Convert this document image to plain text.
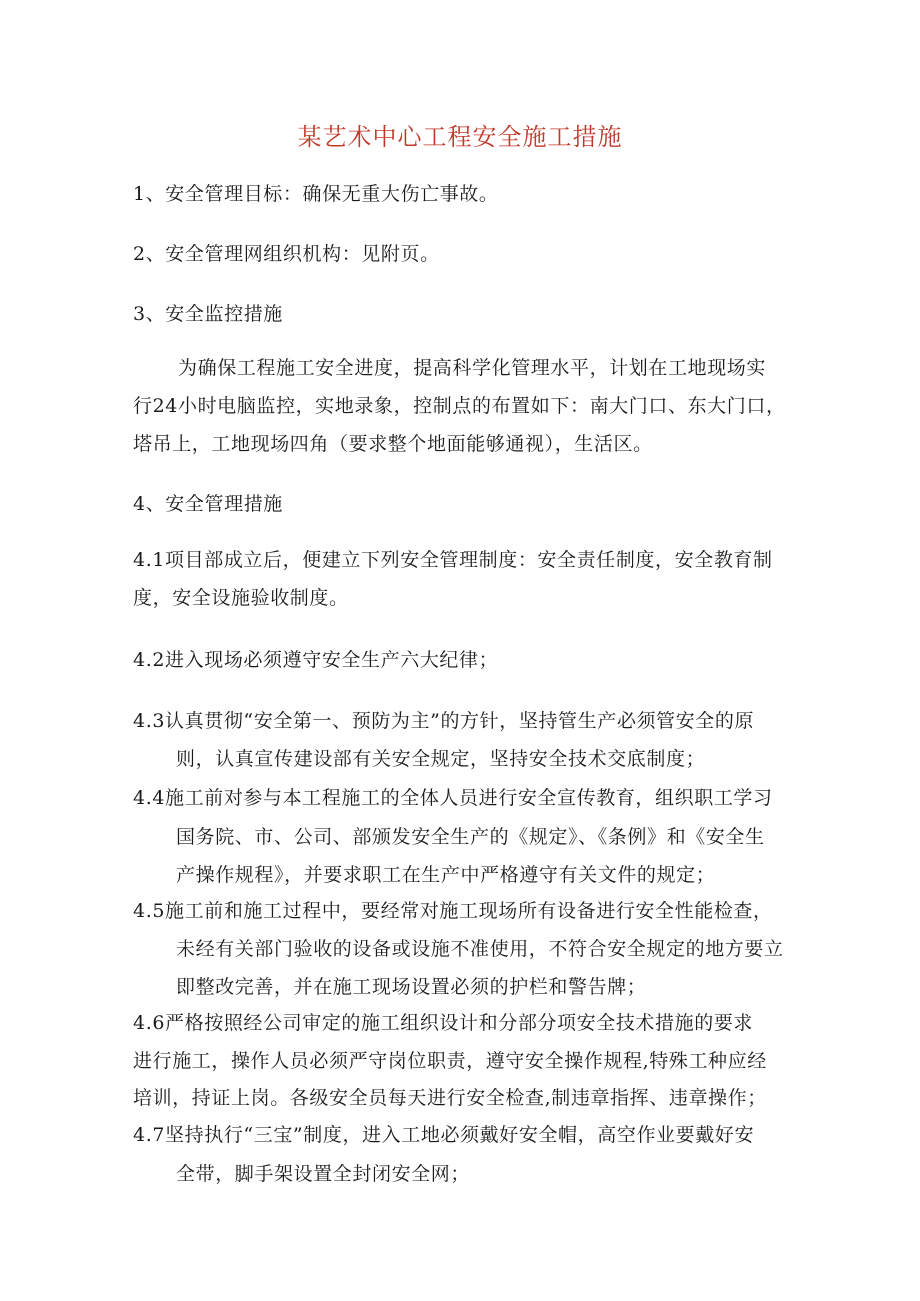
某艺术中心工程安全施工措施
1、安全管理目标：确保无重大伤亡事故。
2、安全管理网组织机构：见附页。
3、安全监控措施
为确保工程施工安全进度，提高科学化管理水平，计划在工地现场实
行24小时电脑监控，实地录象，控制点的布置如下：南大门口、东大门口，
塔吊上，工地现场四角（要求整个地面能够通视），生活区。
4、安全管理措施
4.1项目部成立后，便建立下列安全管理制度：安全责任制度，安全教育制
度，安全设施验收制度。
4.2进入现场必须遵守安全生产六大纪律；
4.3认真贯彻“安全第一、预防为主”的方针，坚持管生产必须管安全的原
则，认真宣传建设部有关安全规定，坚持安全技术交底制度；
4.4施工前对参与本工程施工的全体人员进行安全宣传教育，组织职工学习
国务院、市、公司、部颁发安全生产的《规定》、《条例》和《安全生
产操作规程》，并要求职工在生产中严格遵守有关文件的规定；
4.5施工前和施工过程中，要经常对施工现场所有设备进行安全性能检查，
未经有关部门验收的设备或设施不准使用，不符合安全规定的地方要立
即整改完善，并在施工现场设置必须的护栏和警告牌；
4.6严格按照经公司审定的施工组织设计和分部分项安全技术措施的要求
进行施工，操作人员必须严守岗位职责，遵守安全操作规程,特殊工种应经
培训，持证上岗。各级安全员每天进行安全检查,制违章指挥、违章操作；
4.7坚持执行“三宝”制度，进入工地必须戴好安全帽，高空作业要戴好安
全带，脚手架设置全封闭安全网；
